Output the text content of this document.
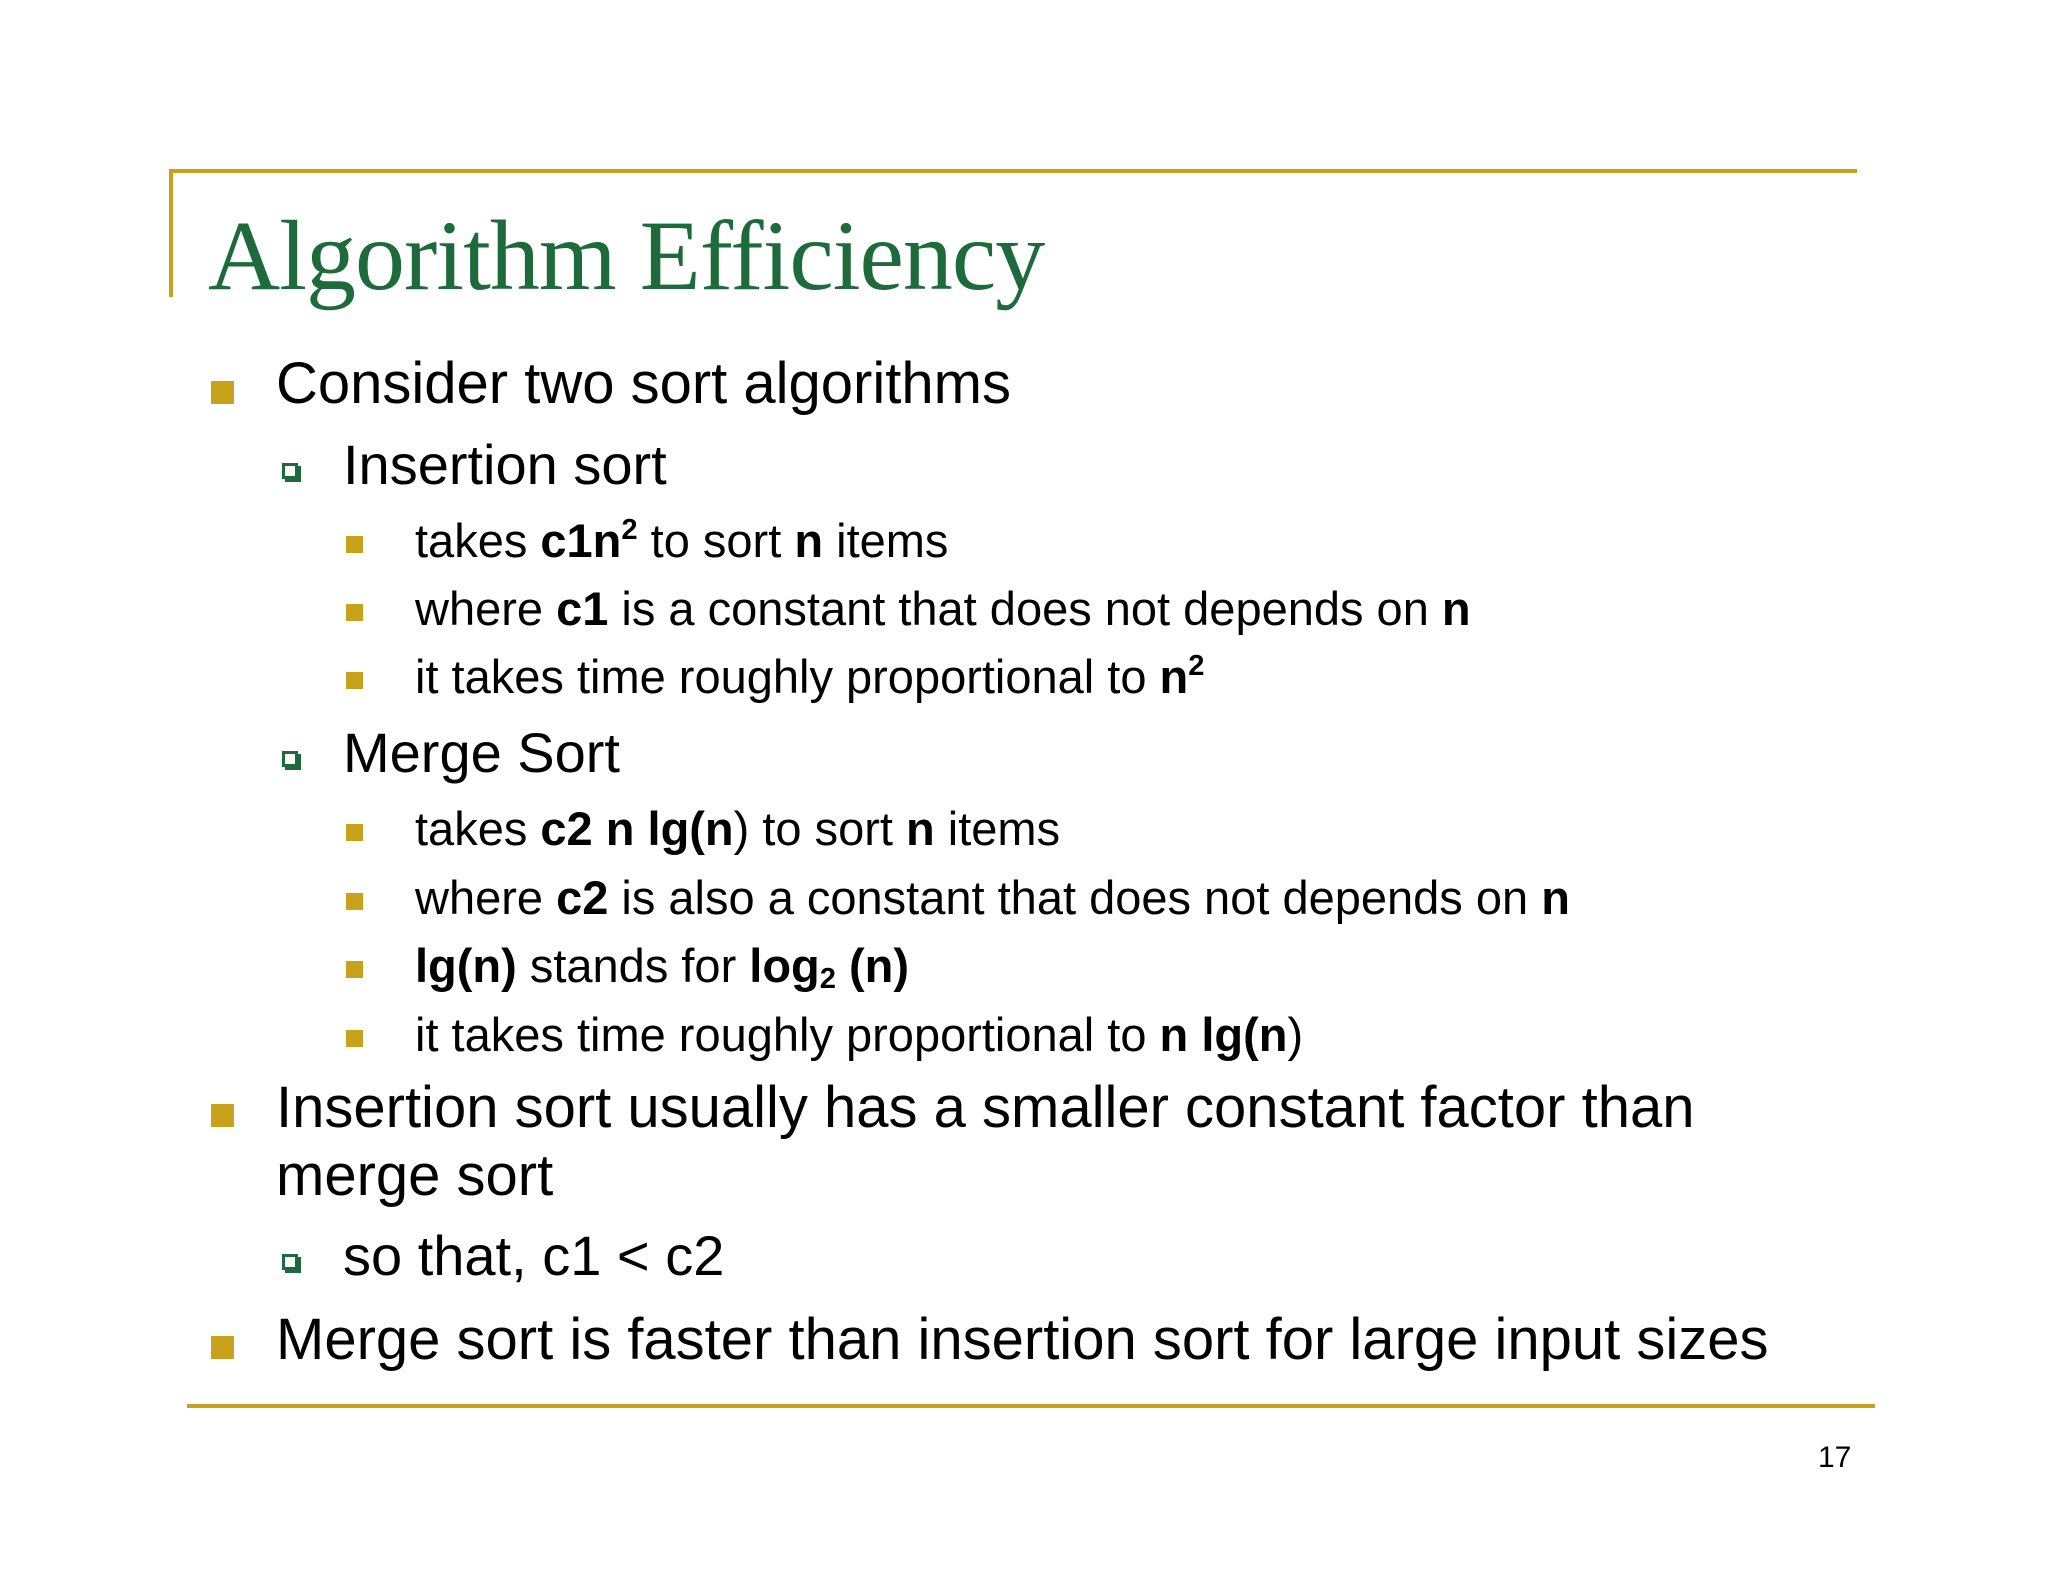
Algorithm Efficiency
Consider two sort algorithms
Insertion sort
takes $c1n^2$ to sort n items
where c1 is a constant that does not depends on n
it takes time roughly proportional to $n^2$
Merge Sort
takes c2 n lg(n) to sort n items
where c2 is also a constant that does not depends on n
lg(n) stands for $\log_2 (n)$
it takes time roughly proportional to n lg(n)
Insertion sort usually has a smaller constant factor than
merge sort
so that, c1 < c2
Merge sort is faster than insertion sort for large input sizes
17
